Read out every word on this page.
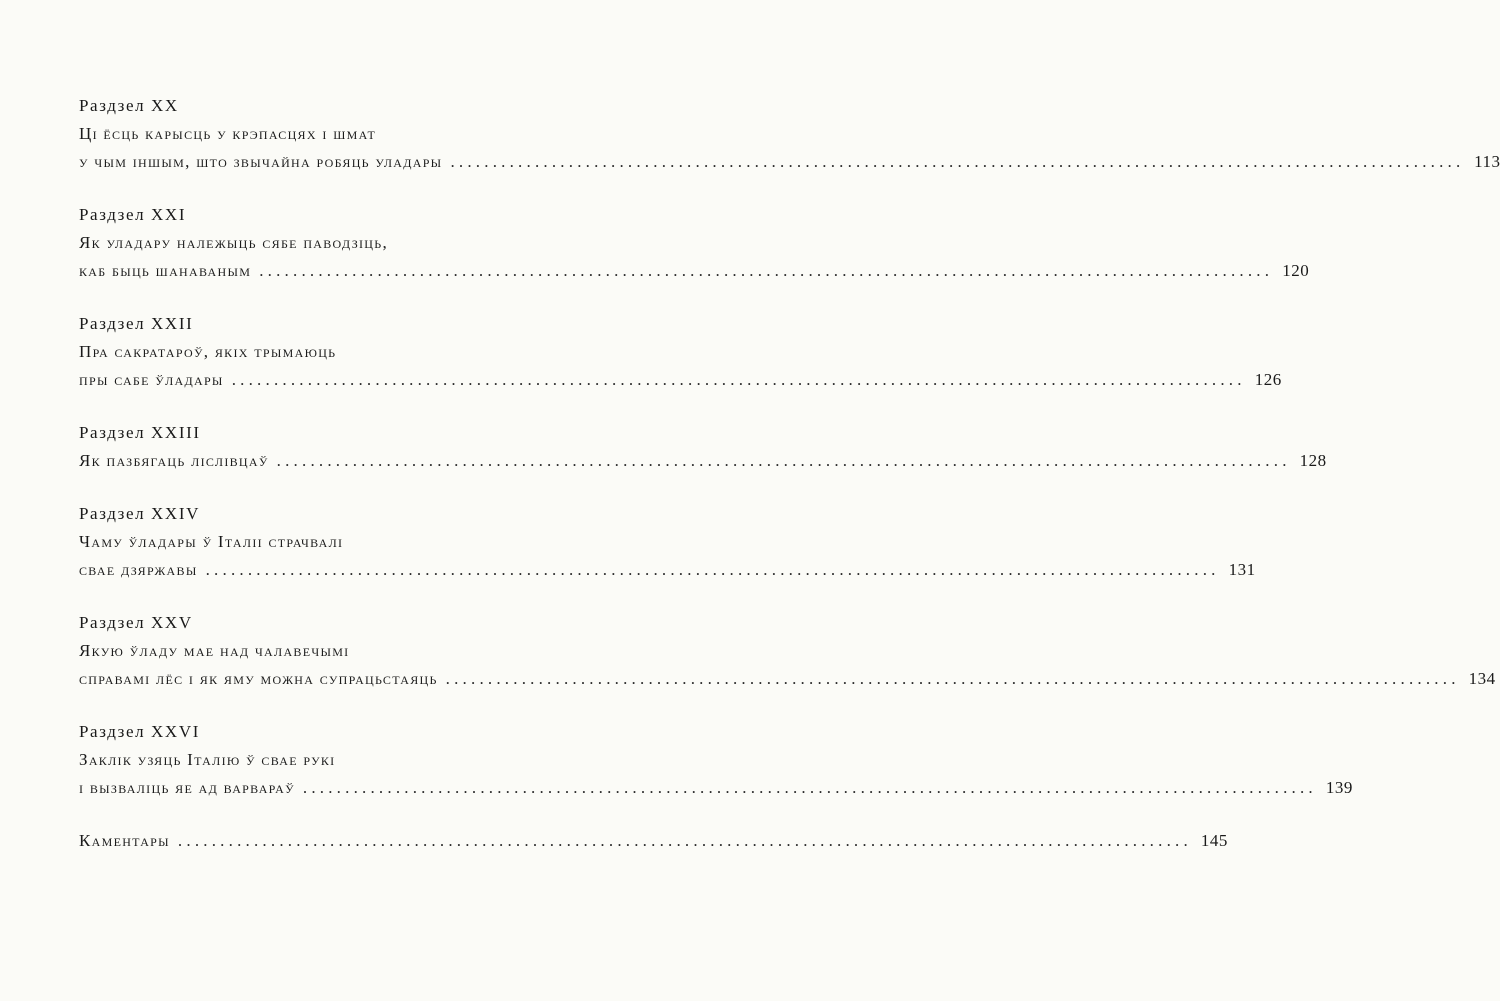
Раздзел XX
Ці ёсць карысць у крэпасцях і шмат
у чым іншым, што звычайна робяць уладары ........................................................................................................................ 113
Раздзел XXI
Як уладару належыць сябе паводзіць,
каб быць шанаваным ........................................................................................................................ 120
Раздзел XXII
Пра сакратароў, якіх трымаюць
пры сабе ўладары ........................................................................................................................ 126
Раздзел XXIII
Як пазбягаць ліслівцаў ........................................................................................................................ 128
Раздзел XXIV
Чаму ўладары ў Італіі страчвалі
свае дзяржавы ........................................................................................................................ 131
Раздзел XXV
Якую ўладу мае над чалавечымі
справамі лёс і як яму можна супрацьстаяць ........................................................................................................................ 134
Раздзел XXVI
Заклік узяць Італію ў свае рукі
і вызваліць яе ад варвараў ........................................................................................................................ 139
Каментары ........................................................................................................................ 145
